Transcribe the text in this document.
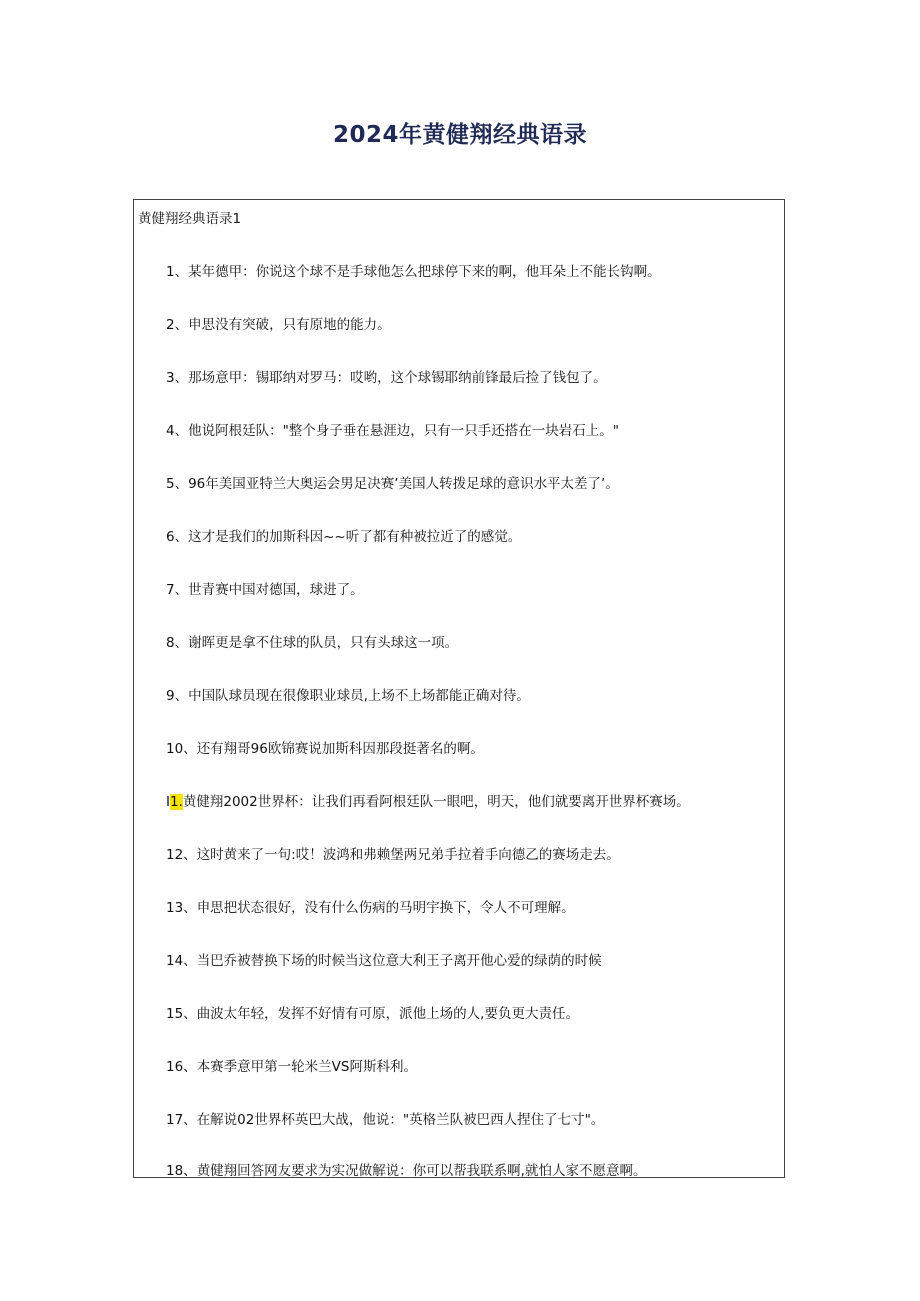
2024年黄健翔经典语录
黄健翔经典语录1
1、某年德甲：你说这个球不是手球他怎么把球停下来的啊，他耳朵上不能长钩啊。
2、申思没有突破，只有原地的能力。
3、那场意甲：锡耶纳对罗马：哎哟，这个球锡耶纳前锋最后捡了钱包了。
4、他说阿根廷队："整个身子垂在悬涯边，只有一只手还搭在一块岩石上。"
5、96年美国亚特兰大奥运会男足决赛’美国人转拨足球的意识水平太差了’。
6、这才是我们的加斯科因~~听了都有种被拉近了的感觉。
7、世青赛中国对德国，球进了。
8、谢晖更是拿不住球的队员，只有头球这一项。
9、中国队球员现在很像职业球员,上场不上场都能正确对待。
10、还有翔哥96欧锦赛说加斯科因那段挺著名的啊。
I1.黄健翔2002世界杯：让我们再看阿根廷队一眼吧，明天，他们就要离开世界杯赛场。
12、这时黄来了一句:哎！波鸿和弗赖堡两兄弟手拉着手向德乙的赛场走去。
13、申思把状态很好，没有什么伤病的马明宇换下，令人不可理解。
14、当巴乔被替换下场的时候当这位意大利王子离开他心爱的绿荫的时候
15、曲波太年轻，发挥不好情有可原，派他上场的人,要负更大责任。
16、本赛季意甲第一轮米兰VS阿斯科利。
17、在解说02世界杯英巴大战，他说："英格兰队被巴西人捏住了七寸"。
18、黄健翔回答网友要求为实况做解说：你可以帮我联系啊,就怕人家不愿意啊。
